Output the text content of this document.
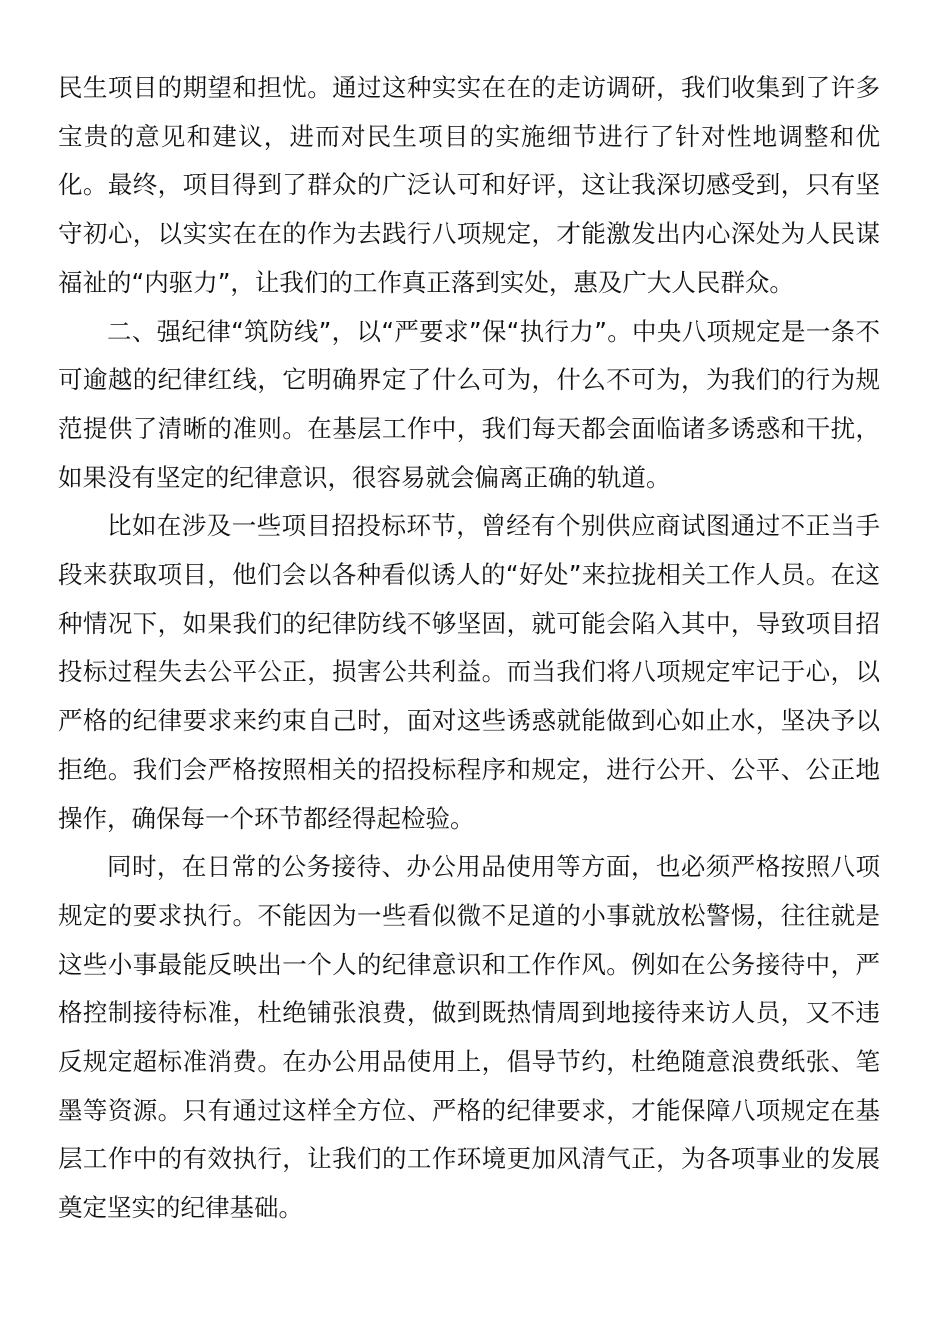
民生项目的期望和担忧。通过这种实实在在的走访调研，我们收集到了许多宝贵的意见和建议，进而对民生项目的实施细节进行了针对性地调整和优化。最终，项目得到了群众的广泛认可和好评，这让我深切感受到，只有坚守初心，以实实在在的作为去践行八项规定，才能激发出内心深处为人民谋福祉的“内驱力”，让我们的工作真正落到实处，惠及广大人民群众。

二、强纪律“筑防线”，以“严要求”保“执行力”。中央八项规定是一条不可逾越的纪律红线，它明确界定了什么可为，什么不可为，为我们的行为规范提供了清晰的准则。在基层工作中，我们每天都会面临诸多诱惑和干扰，如果没有坚定的纪律意识，很容易就会偏离正确的轨道。

比如在涉及一些项目招投标环节，曾经有个别供应商试图通过不正当手段来获取项目，他们会以各种看似诱人的“好处”来拉拢相关工作人员。在这种情况下，如果我们的纪律防线不够坚固，就可能会陷入其中，导致项目招投标过程失去公平公正，损害公共利益。而当我们将八项规定牢记于心，以严格的纪律要求来约束自己时，面对这些诱惑就能做到心如止水，坚决予以拒绝。我们会严格按照相关的招投标程序和规定，进行公开、公平、公正地操作，确保每一个环节都经得起检验。

同时，在日常的公务接待、办公用品使用等方面，也必须严格按照八项规定的要求执行。不能因为一些看似微不足道的小事就放松警惕，往往就是这些小事最能反映出一个人的纪律意识和工作作风。例如在公务接待中，严格控制接待标准，杜绝铺张浪费，做到既热情周到地接待来访人员，又不违反规定超标准消费。在办公用品使用上，倡导节约，杜绝随意浪费纸张、笔墨等资源。只有通过这样全方位、严格的纪律要求，才能保障八项规定在基层工作中的有效执行，让我们的工作环境更加风清气正，为各项事业的发展奠定坚实的纪律基础。
